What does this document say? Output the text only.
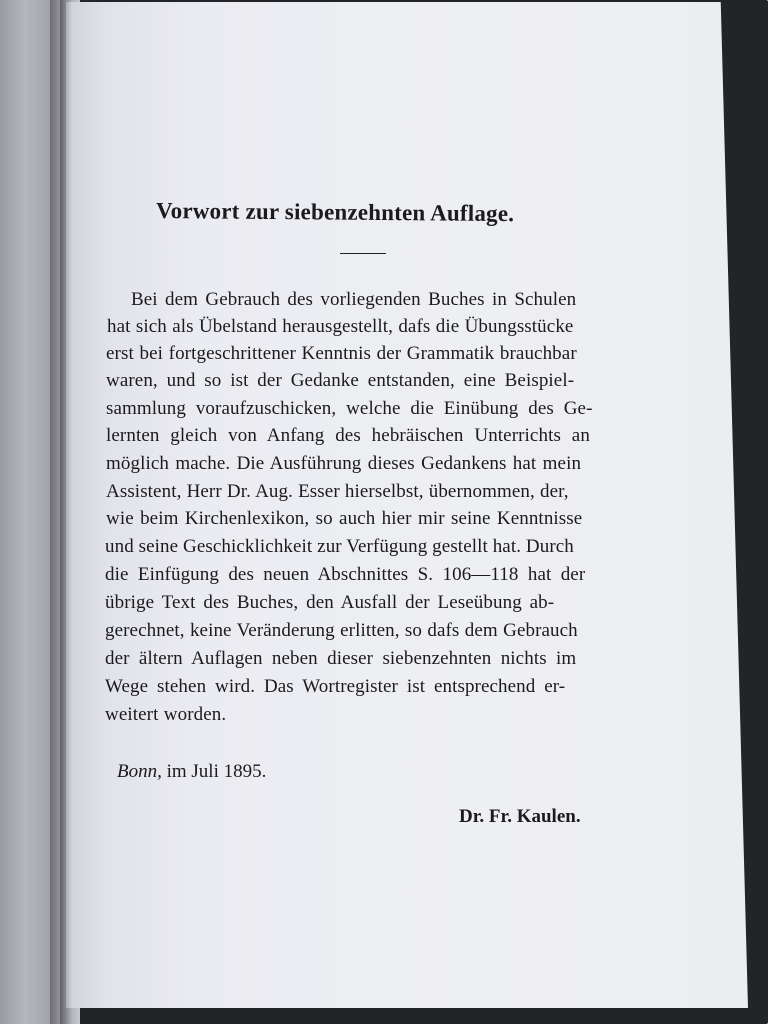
Vorwort zur siebenzehnten Auflage.
Bei dem Gebrauch des vorliegenden Buches in Schulen
hat sich als Übelstand herausgestellt, dafs die Übungsstücke
erst bei fortgeschrittener Kenntnis der Grammatik brauchbar
waren, und so ist der Gedanke entstanden, eine Beispiel-
sammlung voraufzuschicken, welche die Einübung des Ge-
lernten gleich von Anfang des hebräischen Unterrichts an
möglich mache. Die Ausführung dieses Gedankens hat mein
Assistent, Herr Dr. Aug. Esser hierselbst, übernommen, der,
wie beim Kirchenlexikon, so auch hier mir seine Kenntnisse
und seine Geschicklichkeit zur Verfügung gestellt hat. Durch
die Einfügung des neuen Abschnittes S. 106—118 hat der
übrige Text des Buches, den Ausfall der Leseübung ab-
gerechnet, keine Veränderung erlitten, so dafs dem Gebrauch
der ältern Auflagen neben dieser siebenzehnten nichts im
Wege stehen wird. Das Wortregister ist entsprechend er-
weitert worden.
Bonn, im Juli 1895.
Dr. Fr. Kaulen.
